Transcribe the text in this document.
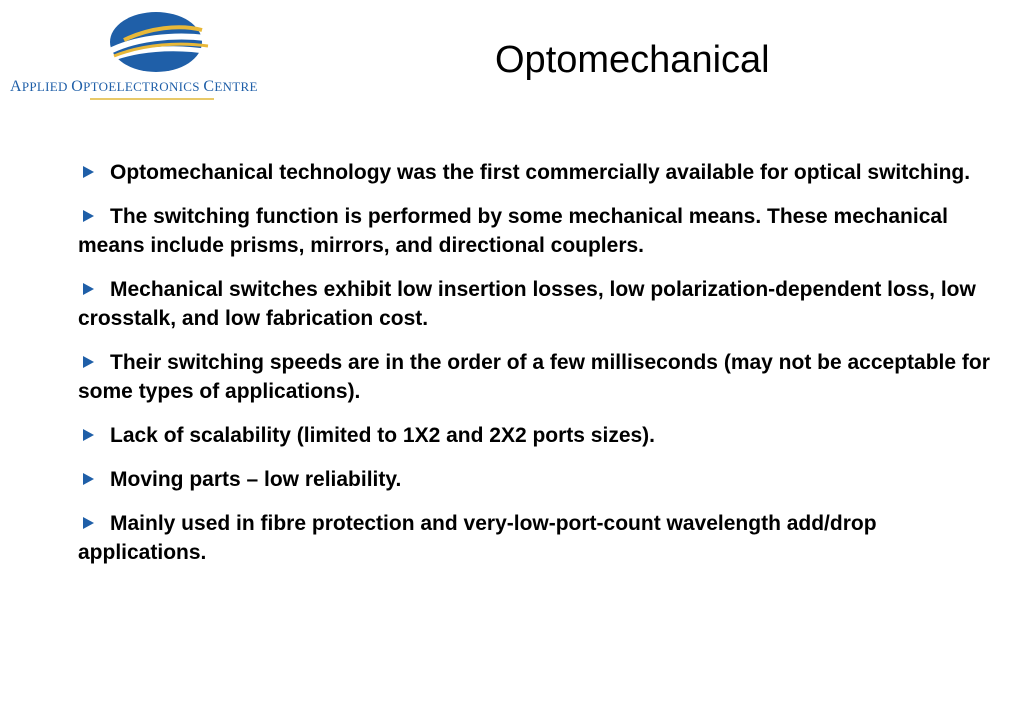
APPLIED OPTOELECTRONICS CENTRE
Optomechanical
Optomechanical technology was the first commercially available for optical switching.
The switching function is performed by some mechanical means. These mechanical means include prisms, mirrors, and directional couplers.
Mechanical switches exhibit low insertion losses, low polarization-dependent loss, low crosstalk, and low fabrication cost.
Their switching speeds are in the order of a few milliseconds (may not be acceptable for some types of applications).
Lack of scalability (limited to 1X2 and 2X2 ports sizes).
Moving parts – low reliability.
Mainly used in fibre protection and very-low-port-count wavelength add/drop applications.
